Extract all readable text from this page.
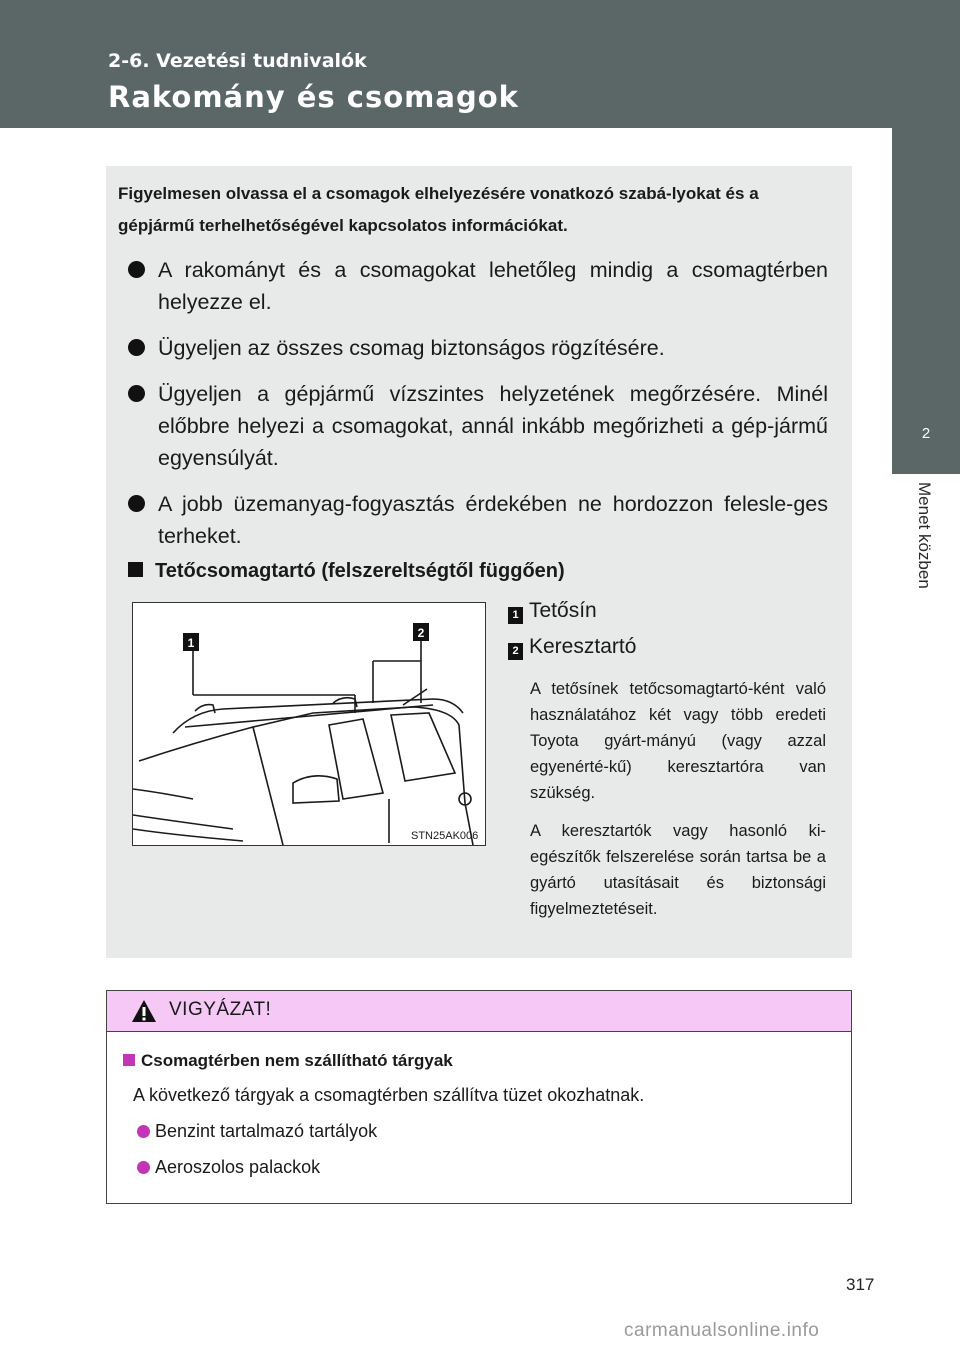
2-6. Vezetési tudnivalók
Rakomány és csomagok
2
Menet közben
Figyelmesen olvassa el a csomagok elhelyezésére vonatkozó szabá-lyokat és a gépjármű terhelhetőségével kapcsolatos információkat.
A rakományt és a csomagokat lehetőleg mindig a csomagtérben helyezze el.
Ügyeljen az összes csomag biztonságos rögzítésére.
Ügyeljen a gépjármű vízszintes helyzetének megőrzésére. Minél előbbre helyezi a csomagokat, annál inkább megőrizheti a gép-jármű egyensúlyát.
A jobb üzemanyag-fogyasztás érdekében ne hordozzon felesle-ges terheket.
Tetőcsomagtartó (felszereltségtől függően)
1
2
STN25AK006
1 Tetősín
2 Keresztartó
A tetősínek tetőcsomagtartó-ként való használatához két vagy több eredeti Toyota gyárt-mányú (vagy azzal egyenérté-kű) keresztartóra van szükség.
A keresztartók vagy hasonló ki-egészítők felszerelése során tartsa be a gyártó utasításait és biztonsági figyelmeztetéseit.
VIGYÁZAT!
Csomagtérben nem szállítható tárgyak
A következő tárgyak a csomagtérben szállítva tüzet okozhatnak.
Benzint tartalmazó tartályok
Aeroszolos palackok
317
carmanualsonline.info
